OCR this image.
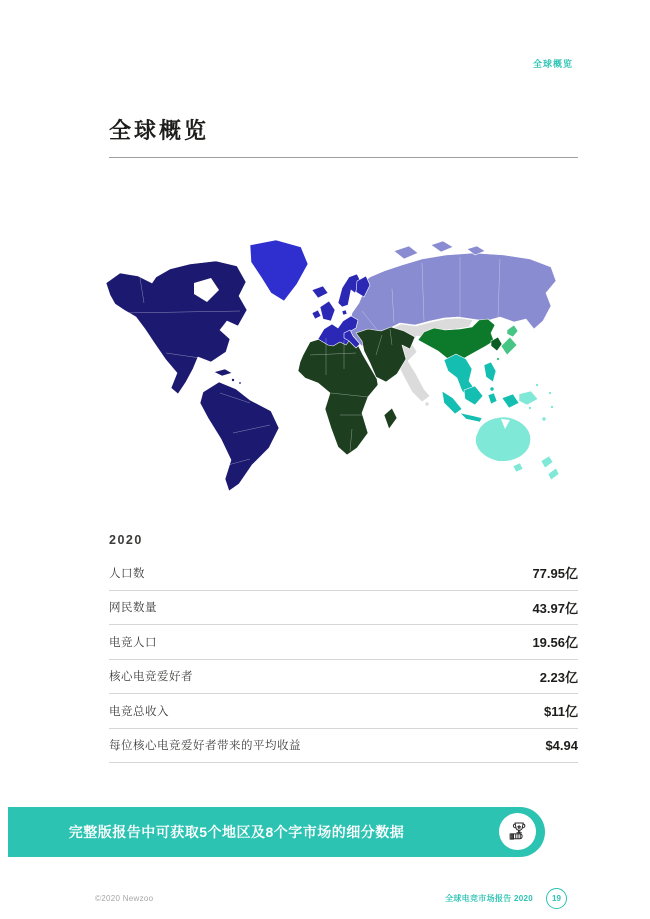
全球概览
全球概览
2020
人口数	77.95亿
网民数量	43.97亿
电竞人口	19.56亿
核心电竞爱好者	2.23亿
电竞总收入	$11亿
每位核心电竞爱好者带来的平均收益	$4.94
完整版报告中可获取5个地区及8个字市场的细分数据
©2020 Newzoo	全球电竞市场报告 2020	19
